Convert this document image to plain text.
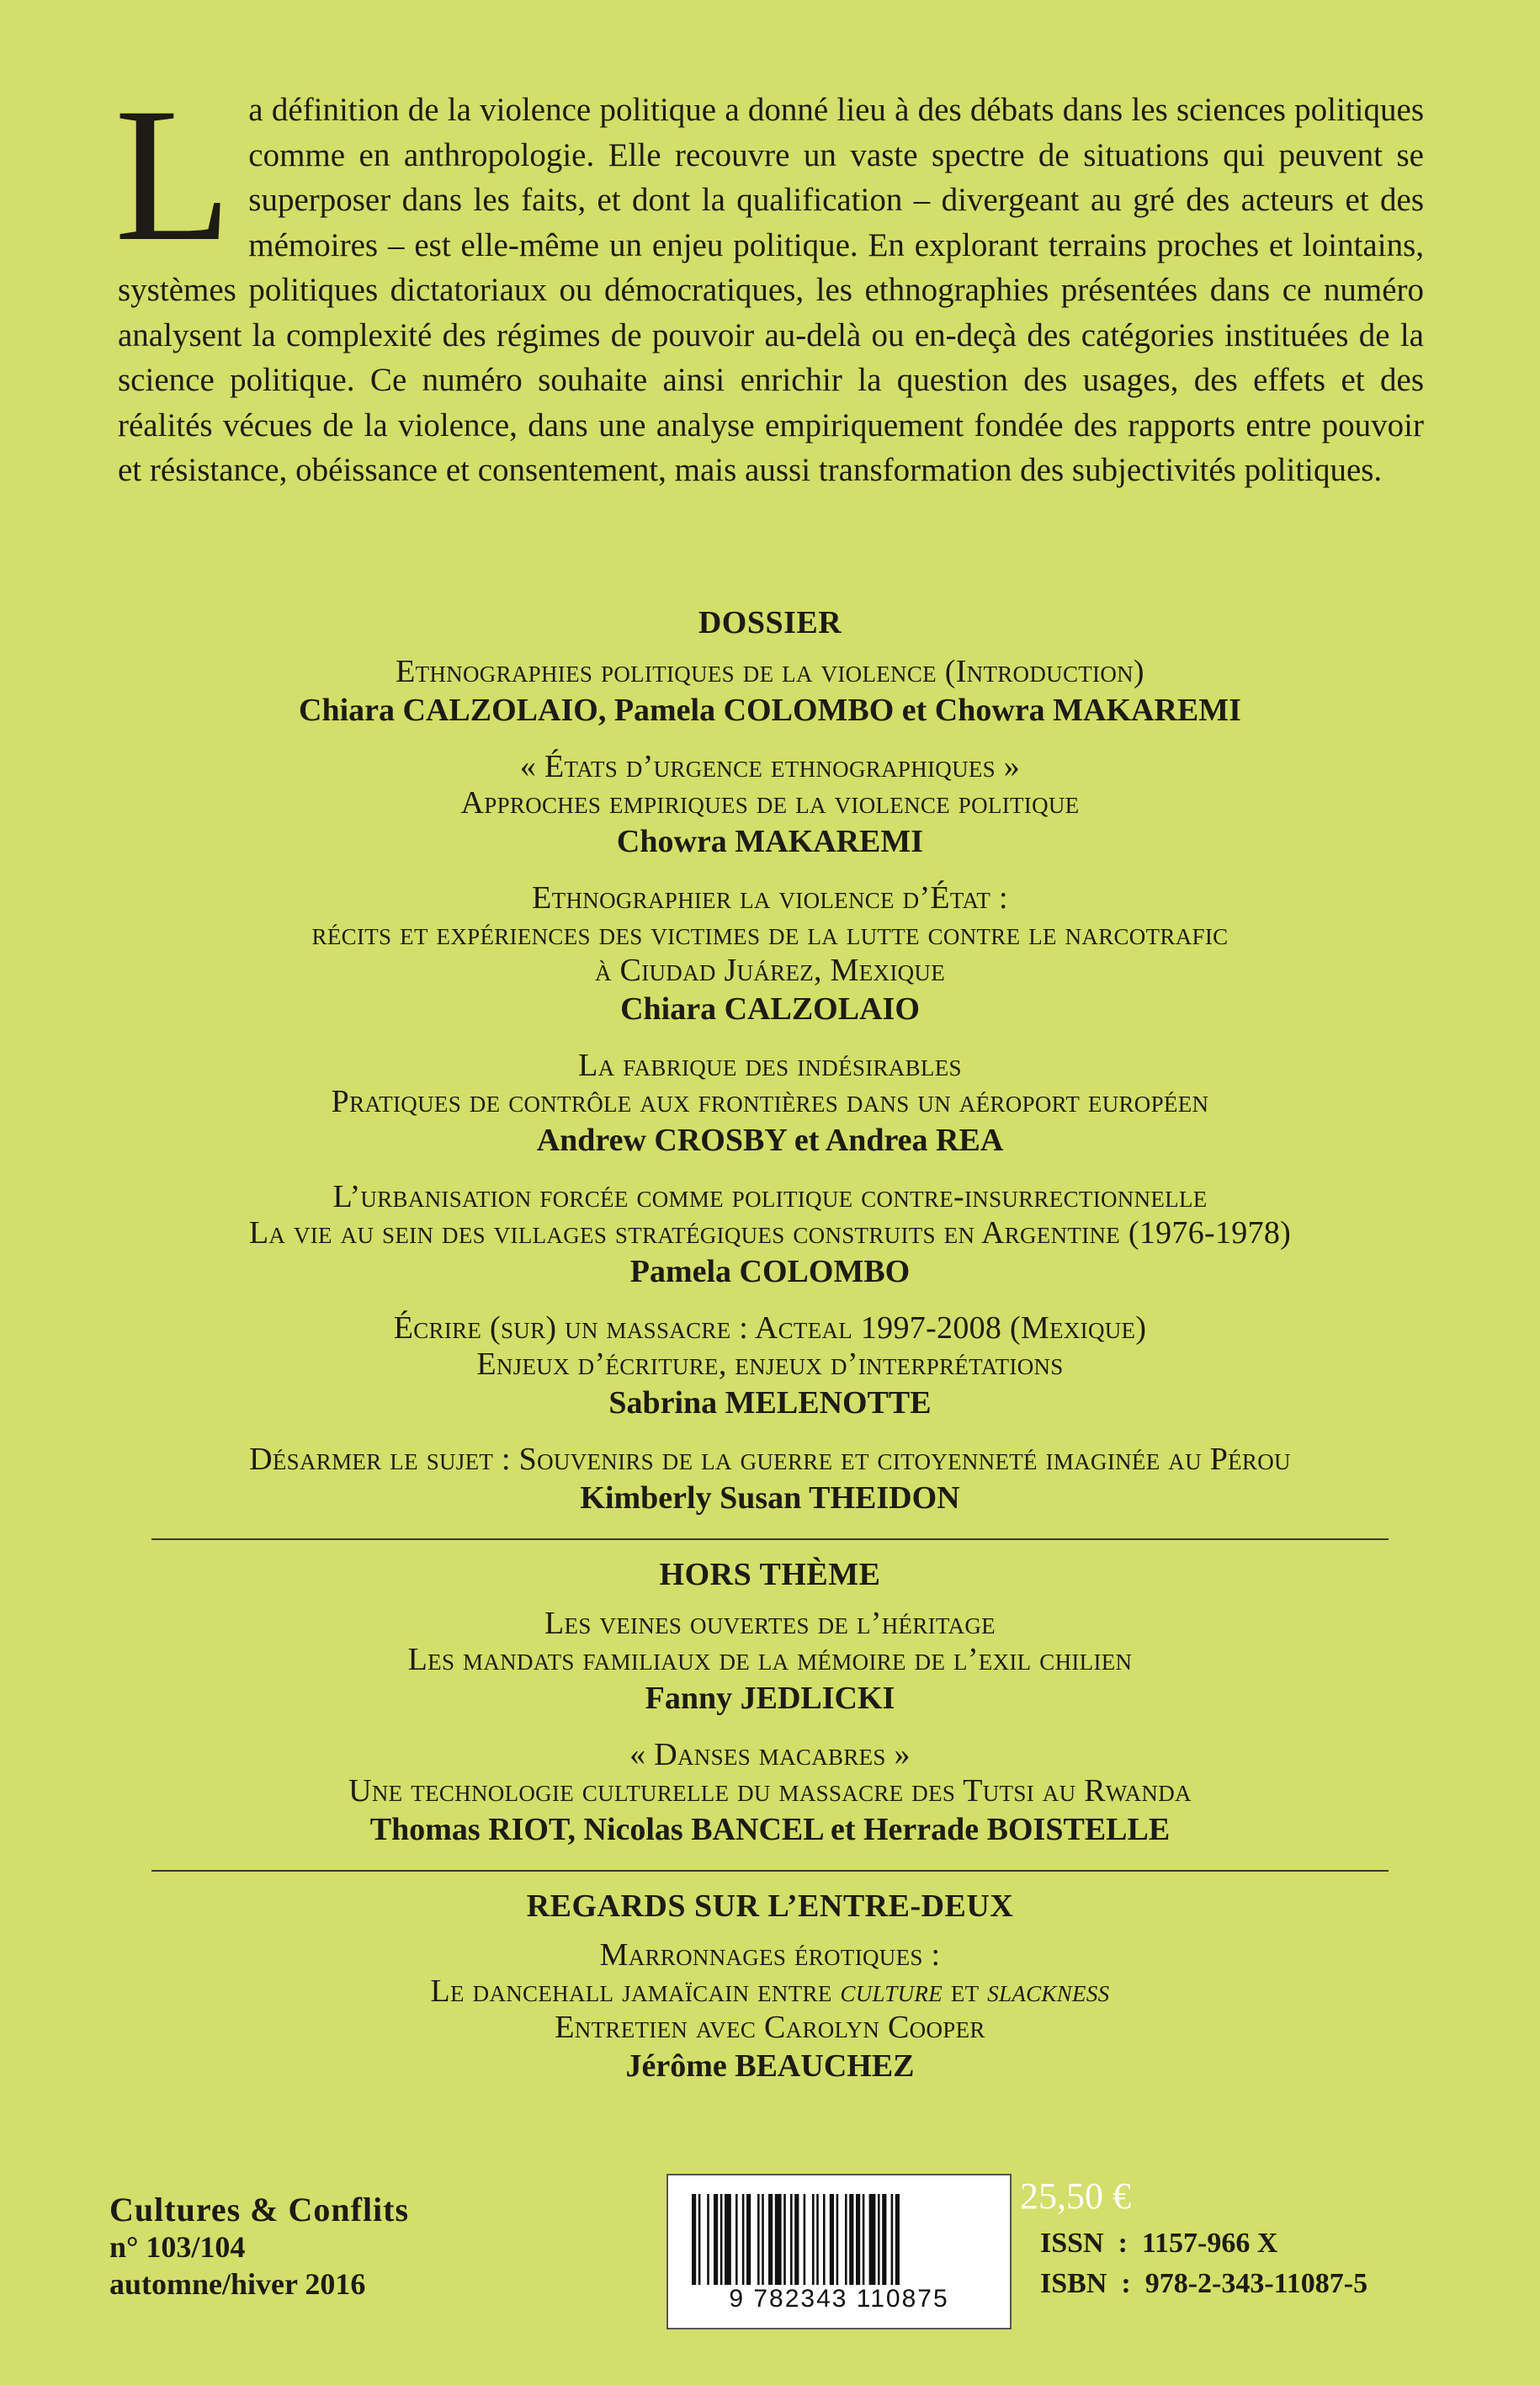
L a définition de la violence politique a donné lieu à des débats dans les sciences politiques comme en anthropologie. Elle recouvre un vaste spectre de situations qui peuvent se superposer dans les faits, et dont la qualification – divergeant au gré des acteurs et des mémoires – est elle-même un enjeu politique. En explorant terrains proches et lointains, systèmes politiques dictatoriaux ou démocratiques, les ethnographies présentées dans ce numéro analysent la complexité des régimes de pouvoir au-delà ou en-deçà des catégories instituées de la science politique. Ce numéro souhaite ainsi enrichir la question des usages, des effets et des réalités vécues de la violence, dans une analyse empiriquement fondée des rapports entre pouvoir et résistance, obéissance et consentement, mais aussi transformation des subjectivités politiques.
DOSSIER
Ethnographies politiques de la violence (Introduction)
Chiara CALZOLAIO, Pamela COLOMBO et Chowra MAKAREMI
« États d’urgence ethnographiques »
Approches empiriques de la violence politique
Chowra MAKAREMI
Ethnographier la violence d’État :
récits et expériences des victimes de la lutte contre le narcotrafic
à Ciudad Juárez, Mexique
Chiara CALZOLAIO
La fabrique des indésirables
Pratiques de contrôle aux frontières dans un aéroport européen
Andrew CROSBY et Andrea REA
L’urbanisation forcée comme politique contre-insurrectionnelle
La vie au sein des villages stratégiques construits en Argentine (1976-1978)
Pamela COLOMBO
Écrire (sur) un massacre : Acteal 1997-2008 (Mexique)
Enjeux d’écriture, enjeux d’interprétations
Sabrina MELENOTTE
Désarmer le sujet : Souvenirs de la guerre et citoyenneté imaginée au Pérou
Kimberly Susan THEIDON
HORS THÈME
Les veines ouvertes de l’héritage
Les mandats familiaux de la mémoire de l’exil chilien
Fanny JEDLICKI
« Danses macabres »
Une technologie culturelle du massacre des Tutsi au Rwanda
Thomas RIOT, Nicolas BANCEL et Herrade BOISTELLE
REGARDS SUR L’ENTRE-DEUX
Marronnages érotiques :
Le dancehall jamaïcain entre culture et slackness
Entretien avec Carolyn Cooper
Jérôme BEAUCHEZ
Cultures & Conflits
n° 103/104
automne/hiver 2016	9 782343 110875
25,50 €
ISSN  :  1157-966 X
ISBN  :  978-2-343-11087-5
